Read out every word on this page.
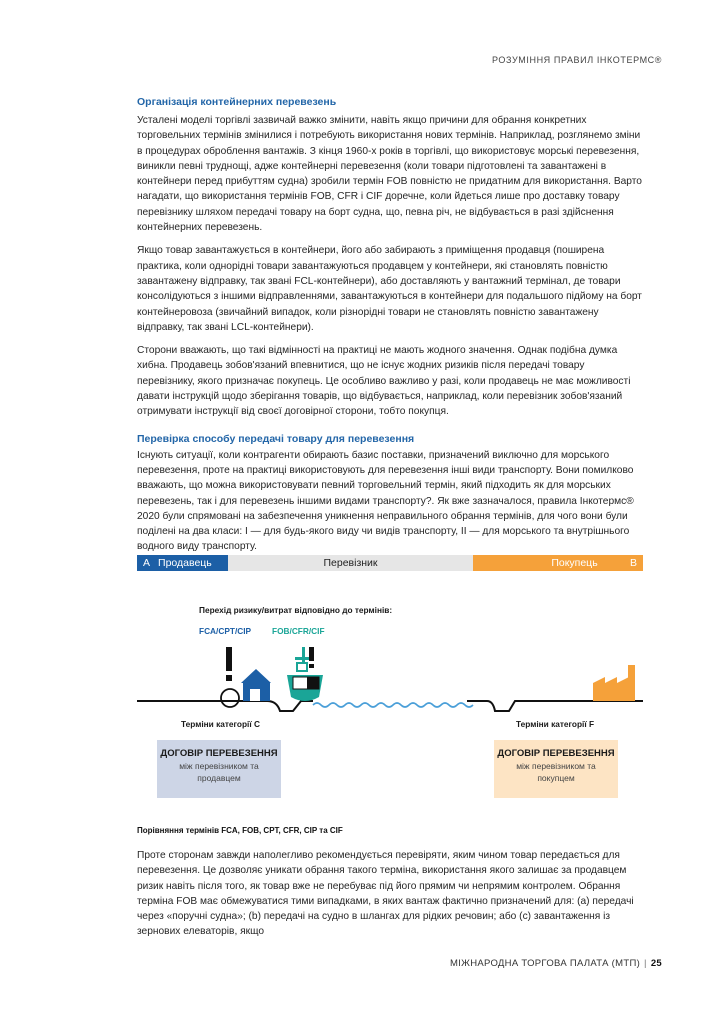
РОЗУМІННЯ ПРАВИЛ ІНКОТЕРМС®
Організація контейнерних перевезень

Усталені моделі торгівлі зазвичай важко змінити, навіть якщо причини для обрання конкретних торговельних термінів змінилися і потребують використання нових термінів. Наприклад, розглянемо зміни в процедурах оброблення вантажів. З кінця 1960-х років в торгівлі, що використовує морські перевезення, виникли певні труднощі, адже контейнерні перевезення (коли товари підготовлені та завантажені в контейнери перед прибуттям судна) зробили термін FOB повністю не придатним для використання. Варто нагадати, що використання термінів FOB, CFR і CIF доречне, коли йдеться лише про доставку товару перевізнику шляхом передачі товару на борт судна, що, певна річ, не відбувається в разі здійснення контейнерних перевезень.

Якщо товар завантажується в контейнери, його або забирають з приміщення продавця (поширена практика, коли однорідні товари завантажуються продавцем у контейнери, які становлять повністю завантажену відправку, так звані FCL-контейнери), або доставляють у вантажний термінал, де товари консолідуються з іншими відправленнями, завантажуються в контейнери для подальшого підйому на борт контейнеровоза (звичайний випадок, коли різнорідні товари не становлять повністю завантажену відправку, так звані LCL-контейнери).

Сторони вважають, що такі відмінності на практиці не мають жодного значення. Однак подібна думка хибна. Продавець зобов'язаний впевнитися, що не існує жодних ризиків після передачі товару перевізнику, якого призначає покупець. Це особливо важливо у разі, коли продавець не має можливості давати інструкцій щодо зберігання товарів, що відбувається, наприклад, коли перевізник зобов'язаний отримувати інструкції від своєї договірної сторони, тобто покупця.

Перевірка способу передачі товару для перевезення

Існують ситуації, коли контрагенти обирають базис поставки, призначений виключно для морського перевезення, проте на практиці використовують для перевезення інші види транспорту. Вони помилково вважають, що можна використовувати певний торговельний термін, який підходить як для морських перевезень, так і для перевезень іншими видами транспорту?. Як вже зазначалося, правила Інкотермс® 2020 були спрямовані на забезпечення уникнення неправильного обрання термінів, для чого вони були поділені на два класи: I — для будь-якого виду чи видів транспорту, II — для морського та внутрішнього водного виду транспорту.

A Продавець	Перевізник	Покупець	B
Перехід ризику/витрат відповідно до термінів:
FCA/CPT/CIP	FOB/CFR/CIF
Терміни категорії C	Терміни категорії F
ДОГОВІР ПЕРЕВЕЗЕННЯ
між перевізником та
продавцем
ДОГОВІР ПЕРЕВЕЗЕННЯ
між перевізником та
покупцем
Порівняння термінів FCA, FOB, CPT, CFR, CIP та CIF

Проте сторонам завжди наполегливо рекомендується перевіряти, яким чином товар передається для перевезення. Це дозволяє уникати обрання такого терміна, використання якого залишає за продавцем ризик навіть після того, як товар вже не перебуває під його прямим чи непрямим контролем. Обрання терміна FOB має обмежуватися тими випадками, в яких вантаж фактично призначений для: (a) передачі через «поручні судна»; (b) передачі на судно в шлангах для рідких речовин; або (c) завантаження із зернових елеваторів, якщо

МІЖНАРОДНА ТОРГОВА ПАЛАТА (МТП) | 25
